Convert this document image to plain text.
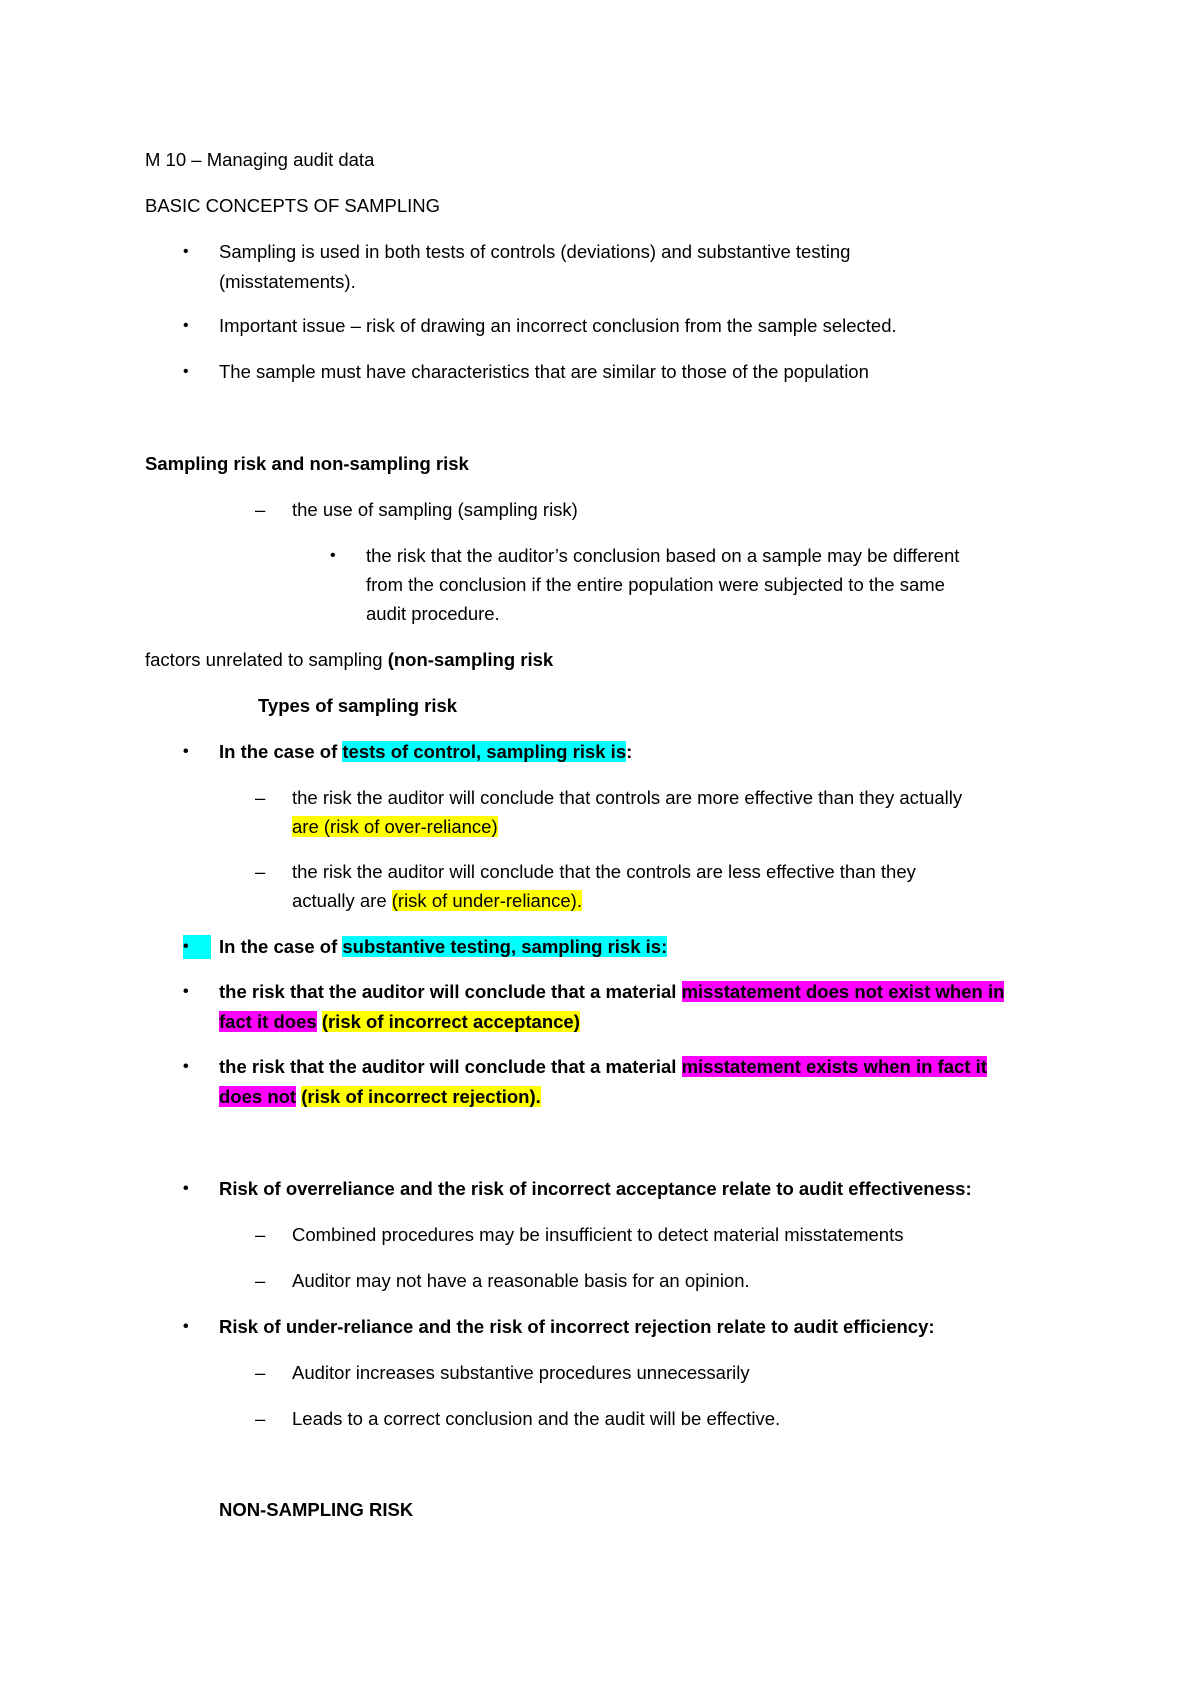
M 10 – Managing audit data
BASIC CONCEPTS OF SAMPLING
• Sampling is used in both tests of controls (deviations) and substantive testing
(misstatements).
• Important issue – risk of drawing an incorrect conclusion from the sample selected.
• The sample must have characteristics that are similar to those of the population
Sampling risk and non-sampling risk
– the use of sampling (sampling risk)
• the risk that the auditor’s conclusion based on a sample may be different
from the conclusion if the entire population were subjected to the same
audit procedure.
factors unrelated to sampling (non-sampling risk
Types of sampling risk
• In the case of tests of control, sampling risk is:
– the risk the auditor will conclude that controls are more effective than they actually
are (risk of over-reliance)
– the risk the auditor will conclude that the controls are less effective than they
actually are (risk of under-reliance).
•	In the case of substantive testing, sampling risk is:
• the risk that the auditor will conclude that a material misstatement does not exist when in
fact it does (risk of incorrect acceptance)
• the risk that the auditor will conclude that a material misstatement exists when in fact it
does not (risk of incorrect rejection).
• Risk of overreliance and the risk of incorrect acceptance relate to audit effectiveness:
– Combined procedures may be insufficient to detect material misstatements
– Auditor may not have a reasonable basis for an opinion.
• Risk of under-reliance and the risk of incorrect rejection relate to audit efficiency:
– Auditor increases substantive procedures unnecessarily
– Leads to a correct conclusion and the audit will be effective.
NON-SAMPLING RISK
